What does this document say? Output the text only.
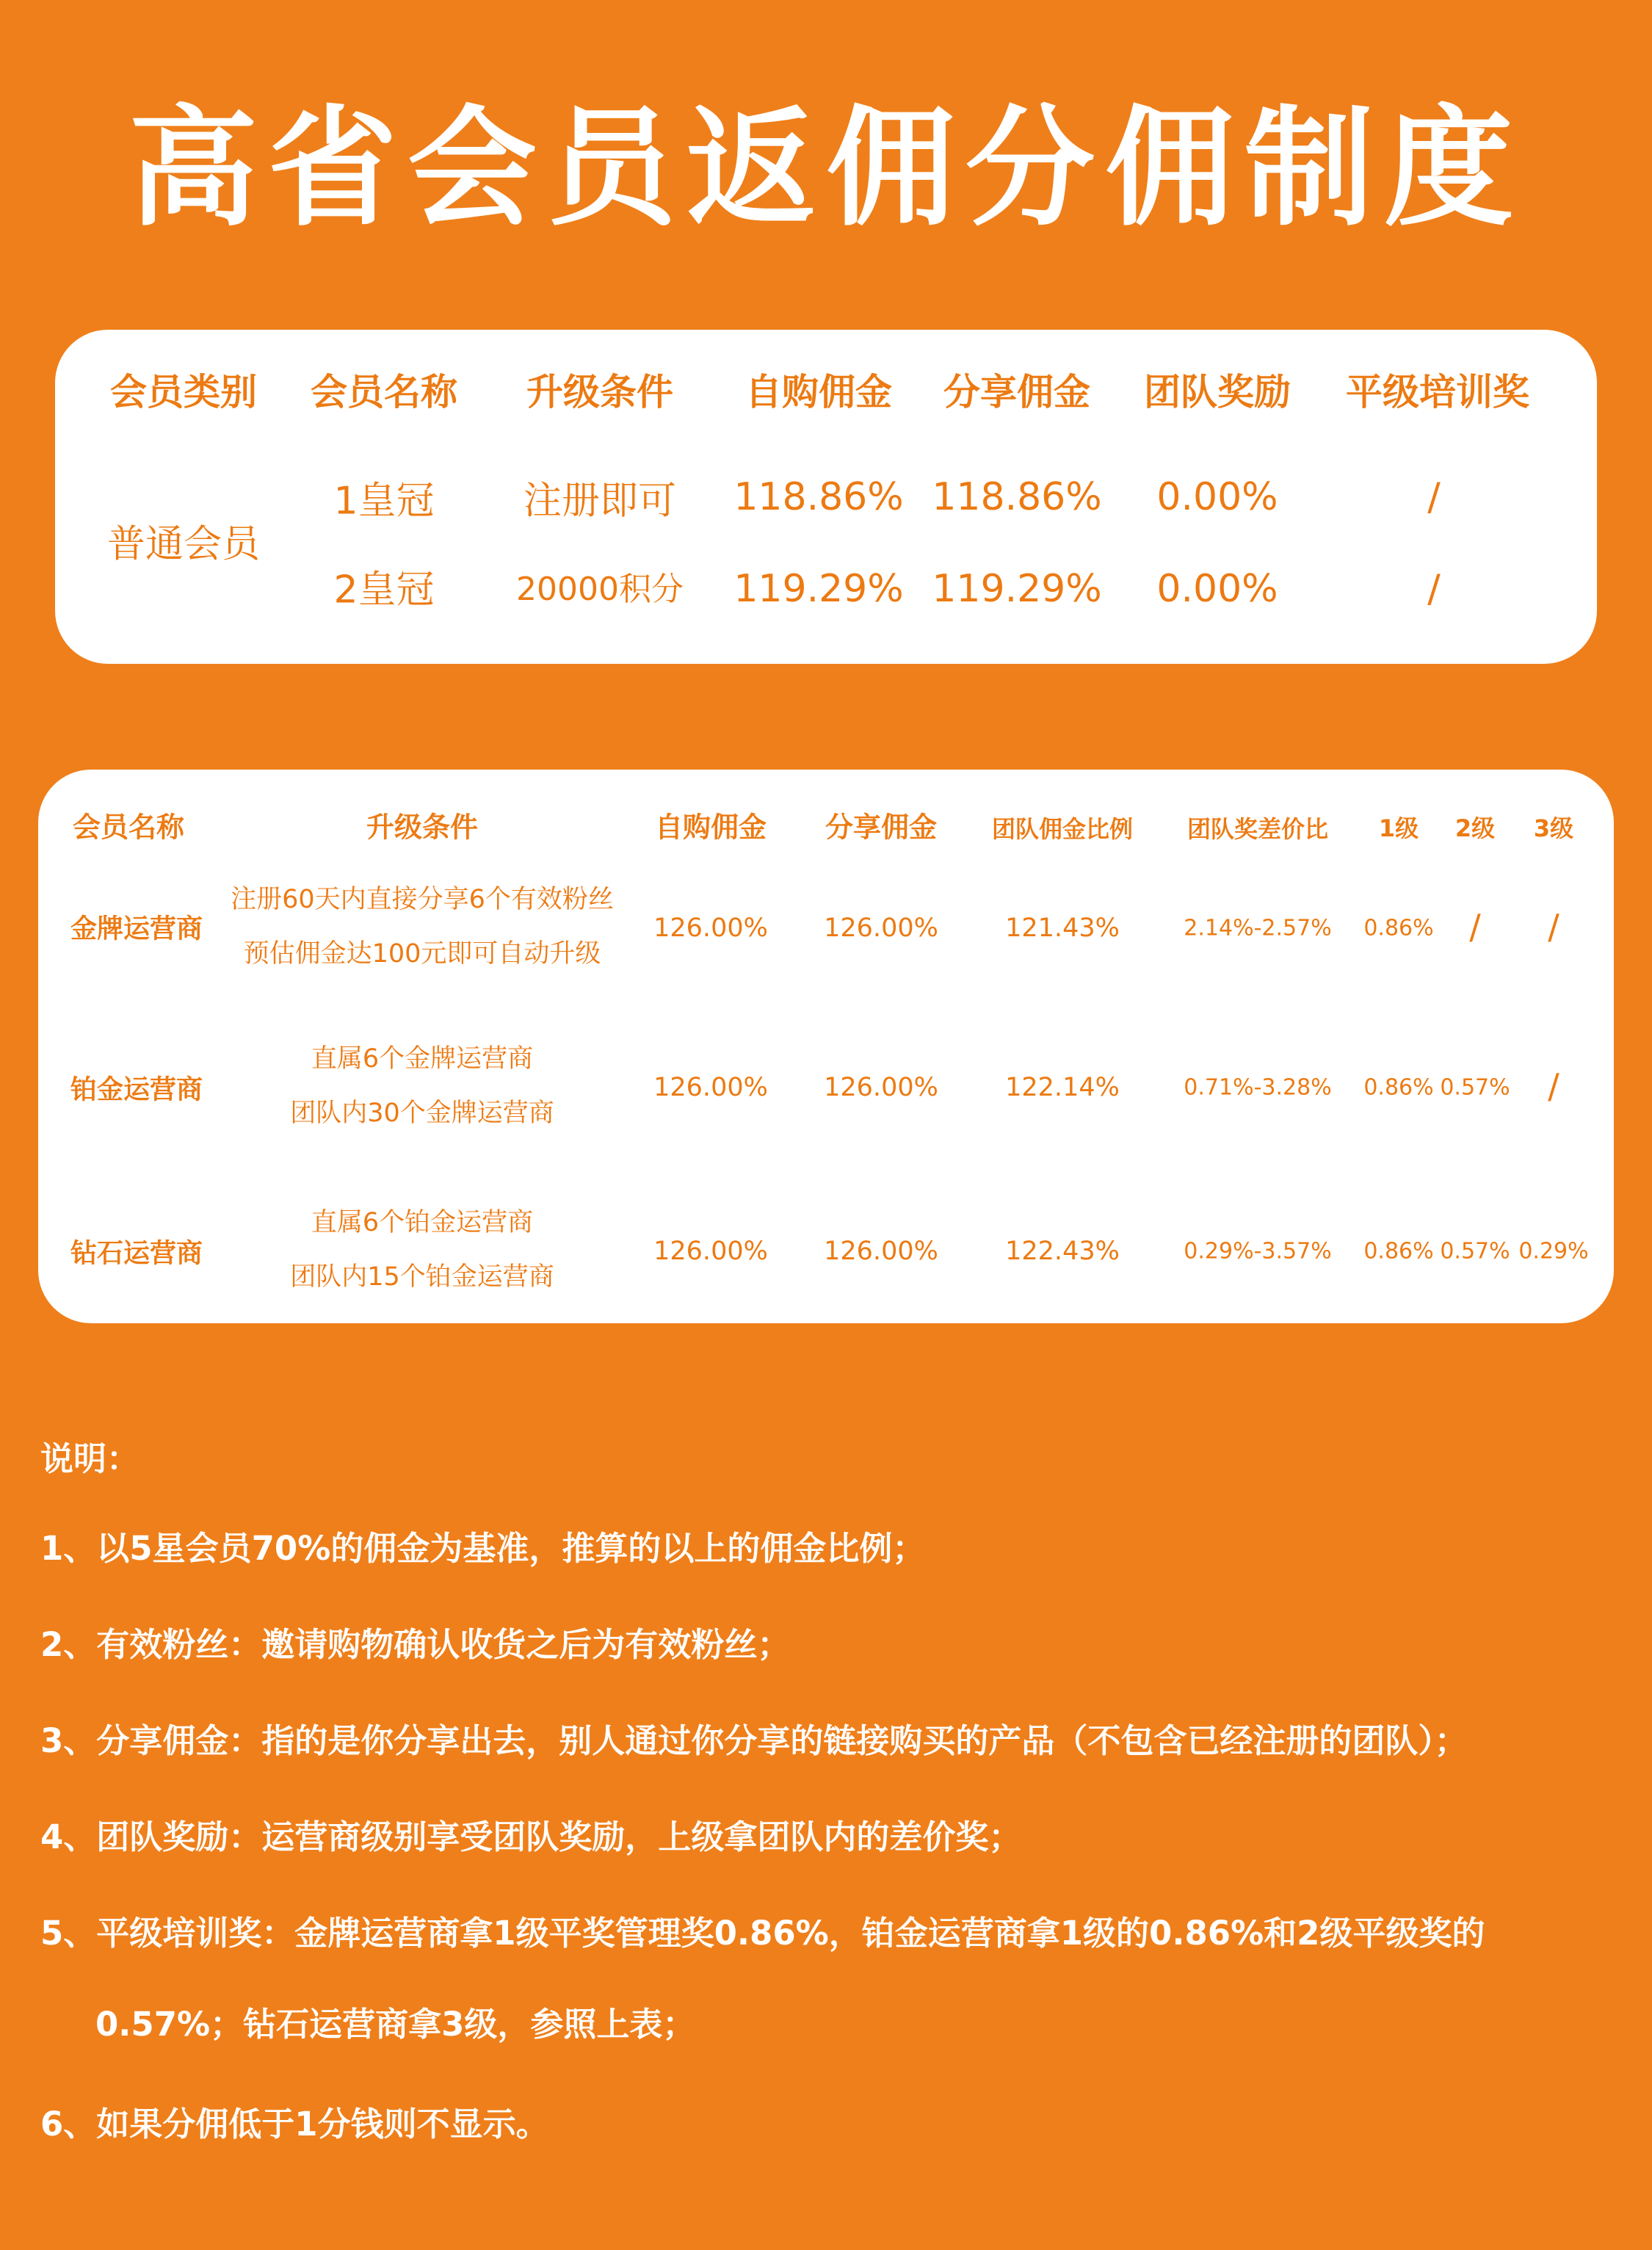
高省会员返佣分佣制度
会员类别 会员名称 升级条件 自购佣金 分享佣金 团队奖励 平级培训奖
普通会员
1皇冠 注册即可 118.86% 118.86% 0.00%	/
2皇冠	20000积分 119.29% 119.29% 0.00%	/
会员名称	升级条件	自购佣金 分享佣金 团队佣金比例 团队奖差价比 1级 2级 3级
金牌运营商
注册60天内直接分享6个有效粉丝
预估佣金达100元即可自动升级
126.00% 126.00%	121.43%	2.14%-2.57% 0.86% / /
铂金运营商
直属6个金牌运营商
团队内30个金牌运营商
126.00% 126.00%	122.14%	0.71%-3.28% 0.86% 0.57% /
钻石运营商
直属6个铂金运营商
团队内15个铂金运营商
126.00% 126.00%	122.43%	0.29%-3.57% 0.86% 0.57% 0.29%
说明：
1、以5星会员70%的佣金为基准，推算的以上的佣金比例；
2、有效粉丝：邀请购物确认收货之后为有效粉丝；
3、分享佣金：指的是你分享出去，别人通过你分享的链接购买的产品（不包含已经注册的团队）；
4、团队奖励：运营商级别享受团队奖励，上级拿团队内的差价奖；
5、平级培训奖：金牌运营商拿1级平奖管理奖0.86%，铂金运营商拿1级的0.86%和2级平级奖的
0.57%；钻石运营商拿3级，参照上表；
6、如果分佣低于1分钱则不显示。
